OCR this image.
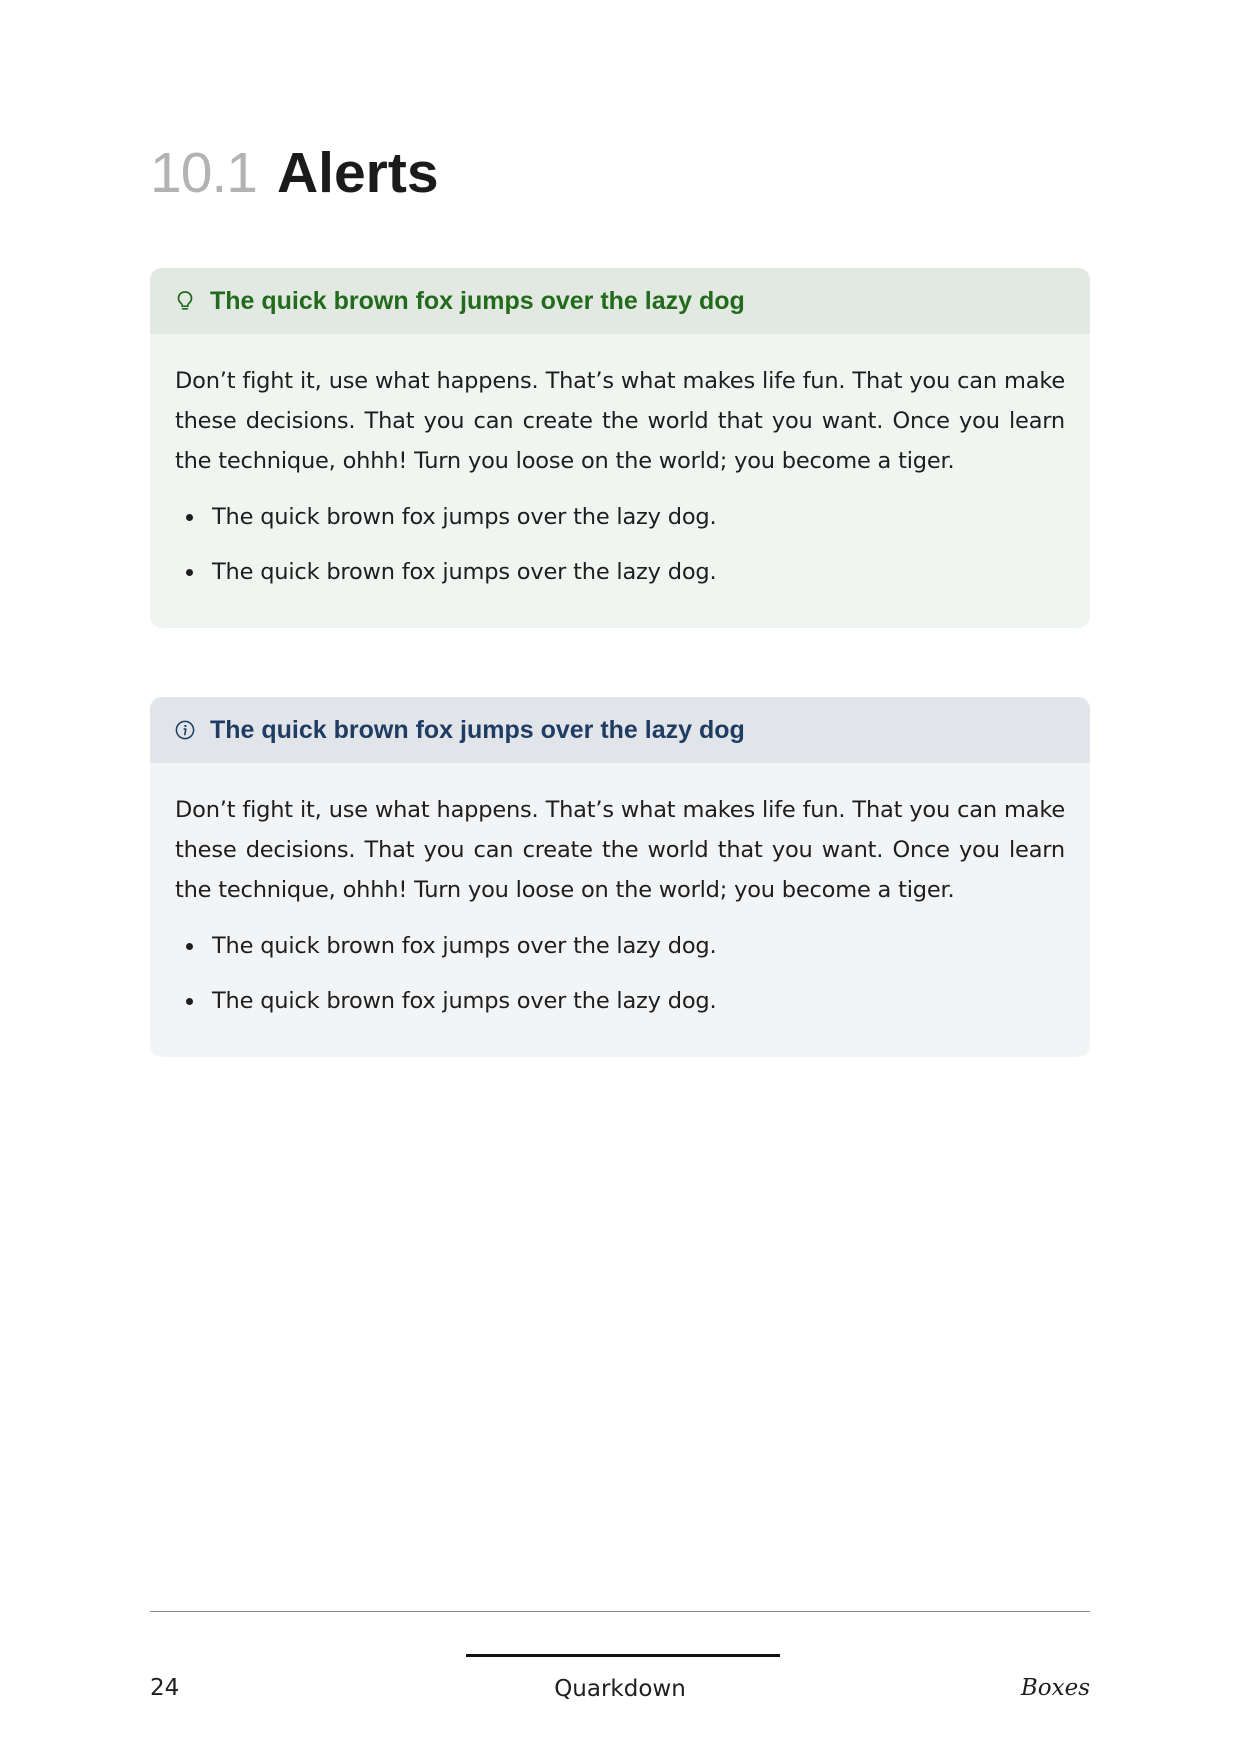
10.1 Alerts
The quick brown fox jumps over the lazy dog

Don’t fight it, use what happens. That’s what makes life fun. That you can make these decisions. That you can create the world that you want. Once you learn the technique, ohhh! Turn you loose on the world; you become a tiger.

The quick brown fox jumps over the lazy dog.
The quick brown fox jumps over the lazy dog.
The quick brown fox jumps over the lazy dog

Don’t fight it, use what happens. That’s what makes life fun. That you can make these decisions. That you can create the world that you want. Once you learn the technique, ohhh! Turn you loose on the world; you become a tiger.

The quick brown fox jumps over the lazy dog.
The quick brown fox jumps over the lazy dog.
24	Quarkdown	Boxes
